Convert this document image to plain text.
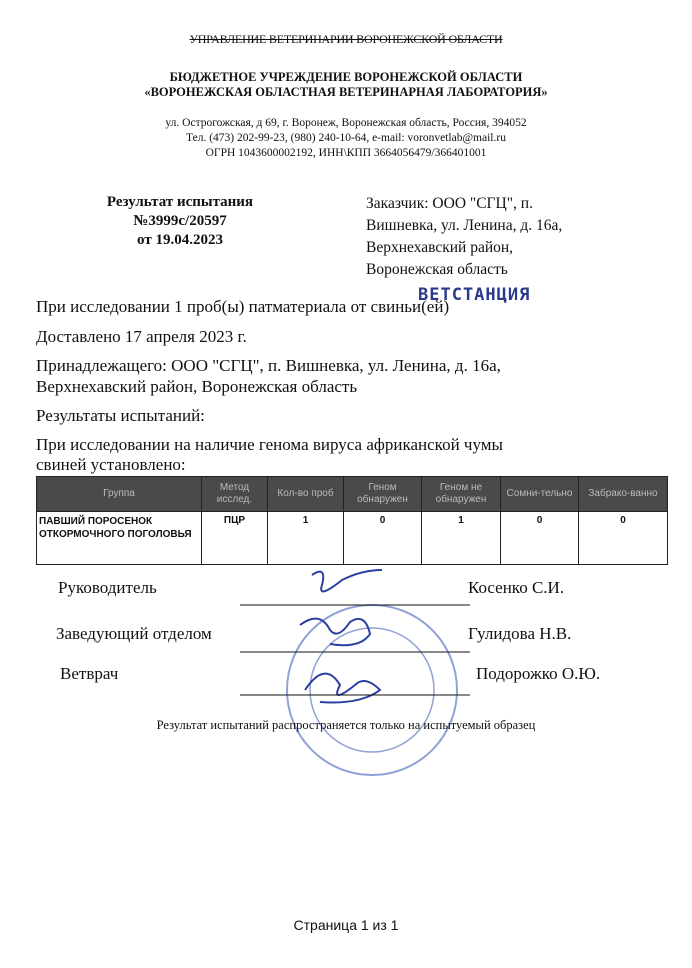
УПРАВЛЕНИЕ ВЕТЕРИНАРИИ ВОРОНЕЖСКОЙ ОБЛАСТИ
БЮДЖЕТНОЕ УЧРЕЖДЕНИЕ ВОРОНЕЖСКОЙ ОБЛАСТИ
«ВОРОНЕЖСКАЯ ОБЛАСТНАЯ ВЕТЕРИНАРНАЯ ЛАБОРАТОРИЯ»
ул. Острогожская, д 69, г. Воронеж, Воронежская область, Россия, 394052
Тел. (473) 202-99-23, (980) 240-10-64, e-mail: voronvetlab@mail.ru
ОГРН 1043600002192, ИНН\КПП 3664056479/366401001
Результат испытания
№3999с/20597
от 19.04.2023
Заказчик: ООО "СГЦ", п.
Вишневка, ул. Ленина, д. 16а,
Верхнехавский район,
Воронежская область
ВЕТСТАНЦИЯ
При исследовании 1 проб(ы) патматериала от свиньи(ей)
Доставлено 17 апреля 2023 г.
Принадлежащего: ООО "СГЦ", п. Вишневка, ул. Ленина, д. 16а,
Верхнехавский район, Воронежская область
Результаты испытаний:
При исследовании на наличие генома вируса африканской чумы
свиней установлено:
Группа	Метод исслед.	Кол-во проб	Геном обнаружен	Геном не обнаружен	Сомни-тельно	Забрако-ванно
ПАВШИЙ ПОРОСЕНОК ОТКОРМОЧНОГО ПОГОЛОВЬЯ	ПЦР	1	0	1	0	0
Руководитель	Косенко С.И.
Заведующий отделом	Гулидова Н.В.
Ветврач	Подорожко О.Ю.
Результат испытаний распространяется только на испытуемый образец
Страница 1 из 1
